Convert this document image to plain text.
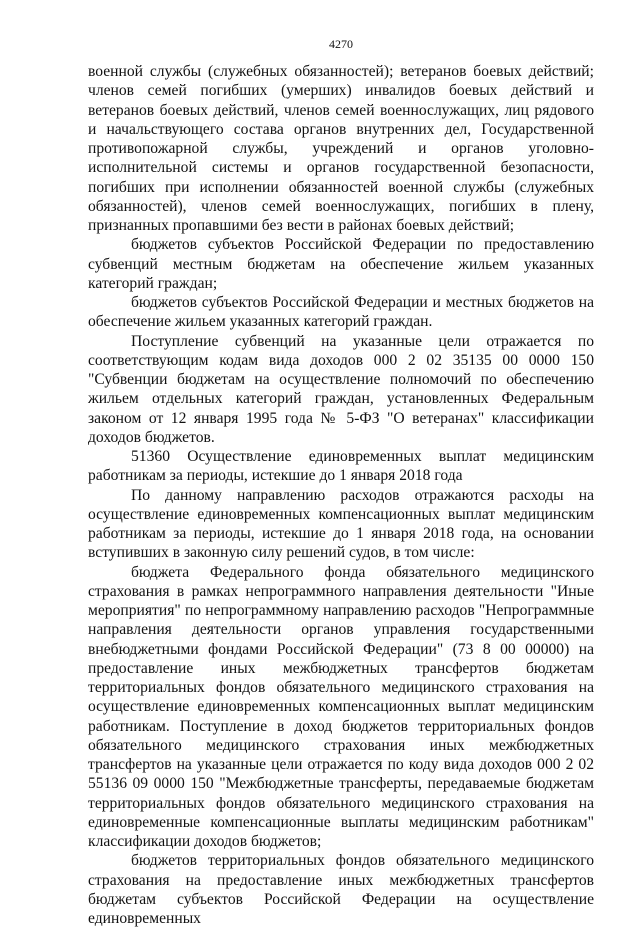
4270

военной службы (служебных обязанностей); ветеранов боевых действий; членов семей погибших (умерших) инвалидов боевых действий и ветеранов боевых действий, членов семей военнослужащих, лиц рядового и начальствующего состава органов внутренних дел, Государственной противопожарной службы, учреждений и органов уголовно-исполнительной системы и органов государственной безопасности, погибших при исполнении обязанностей военной службы (служебных обязанностей), членов семей военнослужащих, погибших в плену, признанных пропавшими без вести в районах боевых действий;

бюджетов субъектов Российской Федерации по предоставлению субвенций местным бюджетам на обеспечение жильем указанных категорий граждан;

бюджетов субъектов Российской Федерации и местных бюджетов на обеспечение жильем указанных категорий граждан.

Поступление субвенций на указанные цели отражается по соответствующим кодам вида доходов 000 2 02 35135 00 0000 150 "Субвенции бюджетам на осуществление полномочий по обеспечению жильем отдельных категорий граждан, установленных Федеральным законом от 12 января 1995 года № 5-ФЗ "О ветеранах" классификации доходов бюджетов.

51360 Осуществление единовременных выплат медицинским работникам за периоды, истекшие до 1 января 2018 года

По данному направлению расходов отражаются расходы на осуществление единовременных компенсационных выплат медицинским работникам за периоды, истекшие до 1 января 2018 года, на основании вступивших в законную силу решений судов, в том числе:

бюджета Федерального фонда обязательного медицинского страхования в рамках непрограммного направления деятельности "Иные мероприятия" по непрограммному направлению расходов "Непрограммные направления деятельности органов управления государственными внебюджетными фондами Российской Федерации" (73 8 00 00000) на предоставление иных межбюджетных трансфертов бюджетам территориальных фондов обязательного медицинского страхования на осуществление единовременных компенсационных выплат медицинским работникам. Поступление в доход бюджетов территориальных фондов обязательного медицинского страхования иных межбюджетных трансфертов на указанные цели отражается по коду вида доходов 000 2 02 55136 09 0000 150 "Межбюджетные трансферты, передаваемые бюджетам территориальных фондов обязательного медицинского страхования на единовременные компенсационные выплаты медицинским работникам" классификации доходов бюджетов;

бюджетов территориальных фондов обязательного медицинского страхования на предоставление иных межбюджетных трансфертов бюджетам субъектов Российской Федерации на осуществление единовременных
